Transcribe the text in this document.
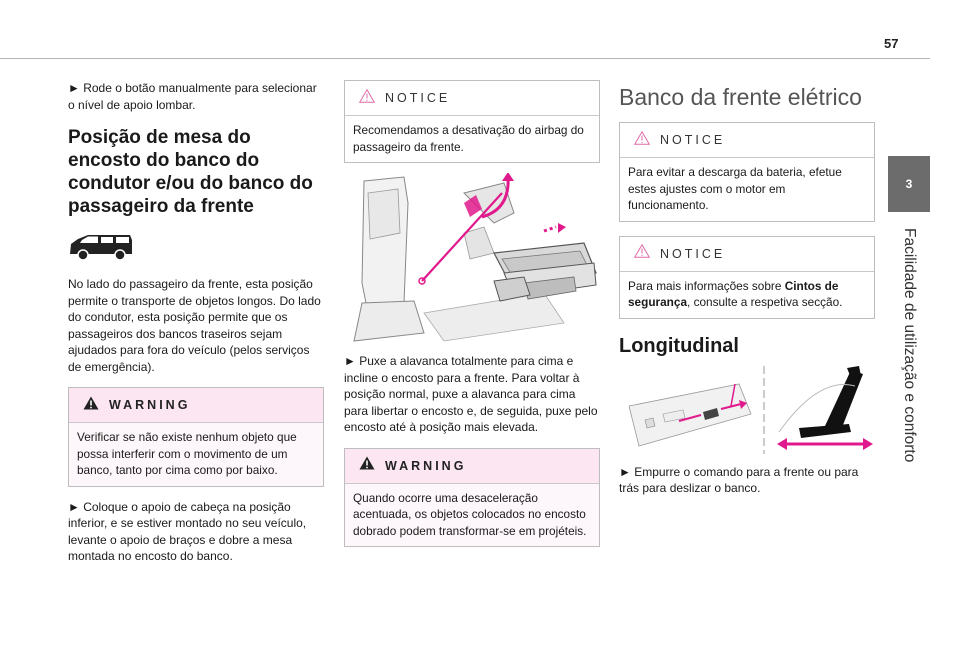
57
3
Facilidade de utilização e conforto

► Rode o botão manualmente para selecionar o nível de apoio lombar.

Posição de mesa do encosto do banco do condutor e/ou do banco do passageiro da frente

No lado do passageiro da frente, esta posição permite o transporte de objetos longos. Do lado do condutor, esta posição permite que os passageiros dos bancos traseiros sejam ajudados para fora do veículo (pelos serviços de emergência).

WARNING
Verificar se não existe nenhum objeto que possa interferir com o movimento de um banco, tanto por cima como por baixo.

► Coloque o apoio de cabeça na posição inferior, e se estiver montado no seu veículo, levante o apoio de braços e dobre a mesa montada no encosto do banco.

NOTICE
Recomendamos a desativação do airbag do passageiro da frente.

► Puxe a alavanca totalmente para cima e incline o encosto para a frente. Para voltar à posição normal, puxe a alavanca para cima para libertar o encosto e, de seguida, puxe pelo encosto até à posição mais elevada.

WARNING
Quando ocorre uma desaceleração acentuada, os objetos colocados no encosto dobrado podem transformar-se em projéteis.
Banco da frente elétrico
NOTICE
Para evitar a descarga da bateria, efetue estes ajustes com o motor em funcionamento.
NOTICE
Para mais informações sobre Cintos de segurança, consulte a respetiva secção.
Longitudinal

► Empurre o comando para a frente ou para trás para deslizar o banco.
